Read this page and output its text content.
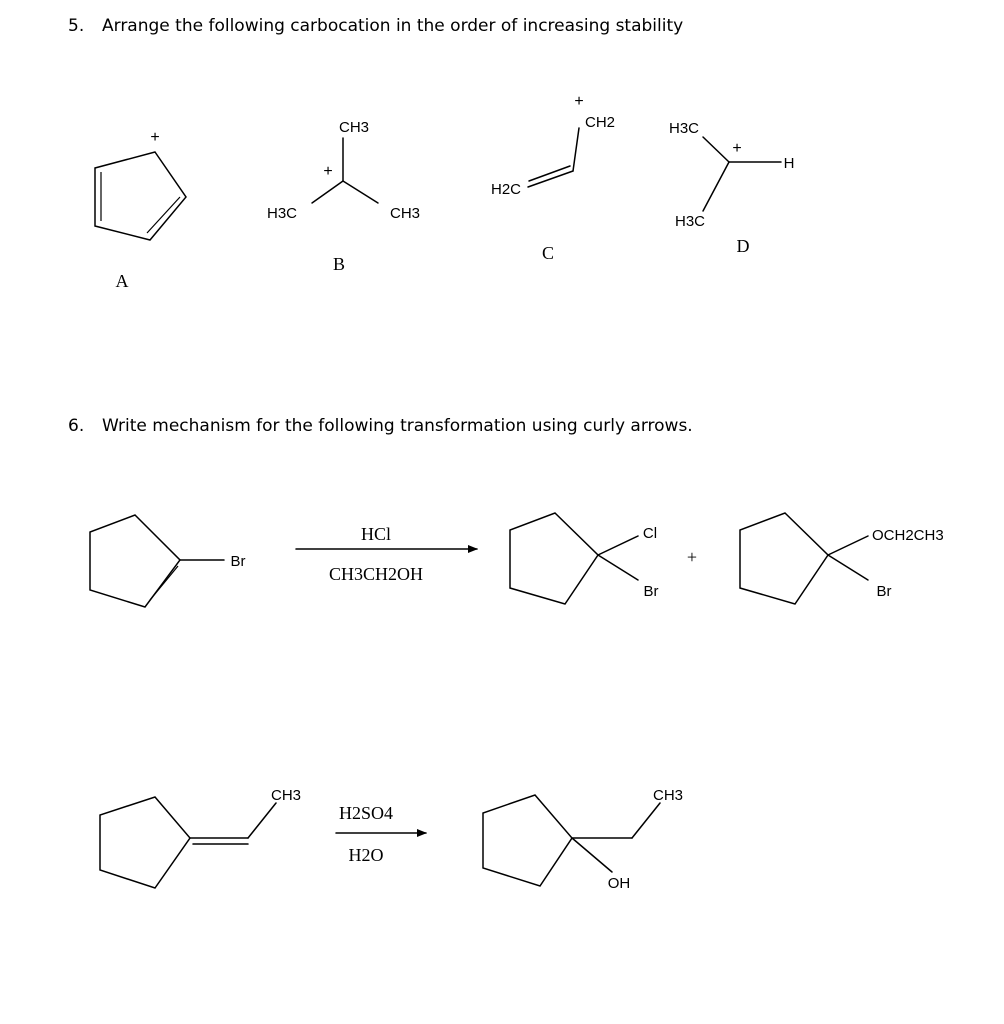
5. Arrange the following carbocation in the order of increasing stability
6. Write mechanism for the following transformation using curly arrows.
+
A
CH3
+
H3C	CH3
B
+
CH2
H2C
C
H3C
+
H
H3C
D
Br
HCl
CH3CH2OH
Cl
Br
+
OCH2CH3
Br
CH3
H2SO4
H2O
CH3
OH
